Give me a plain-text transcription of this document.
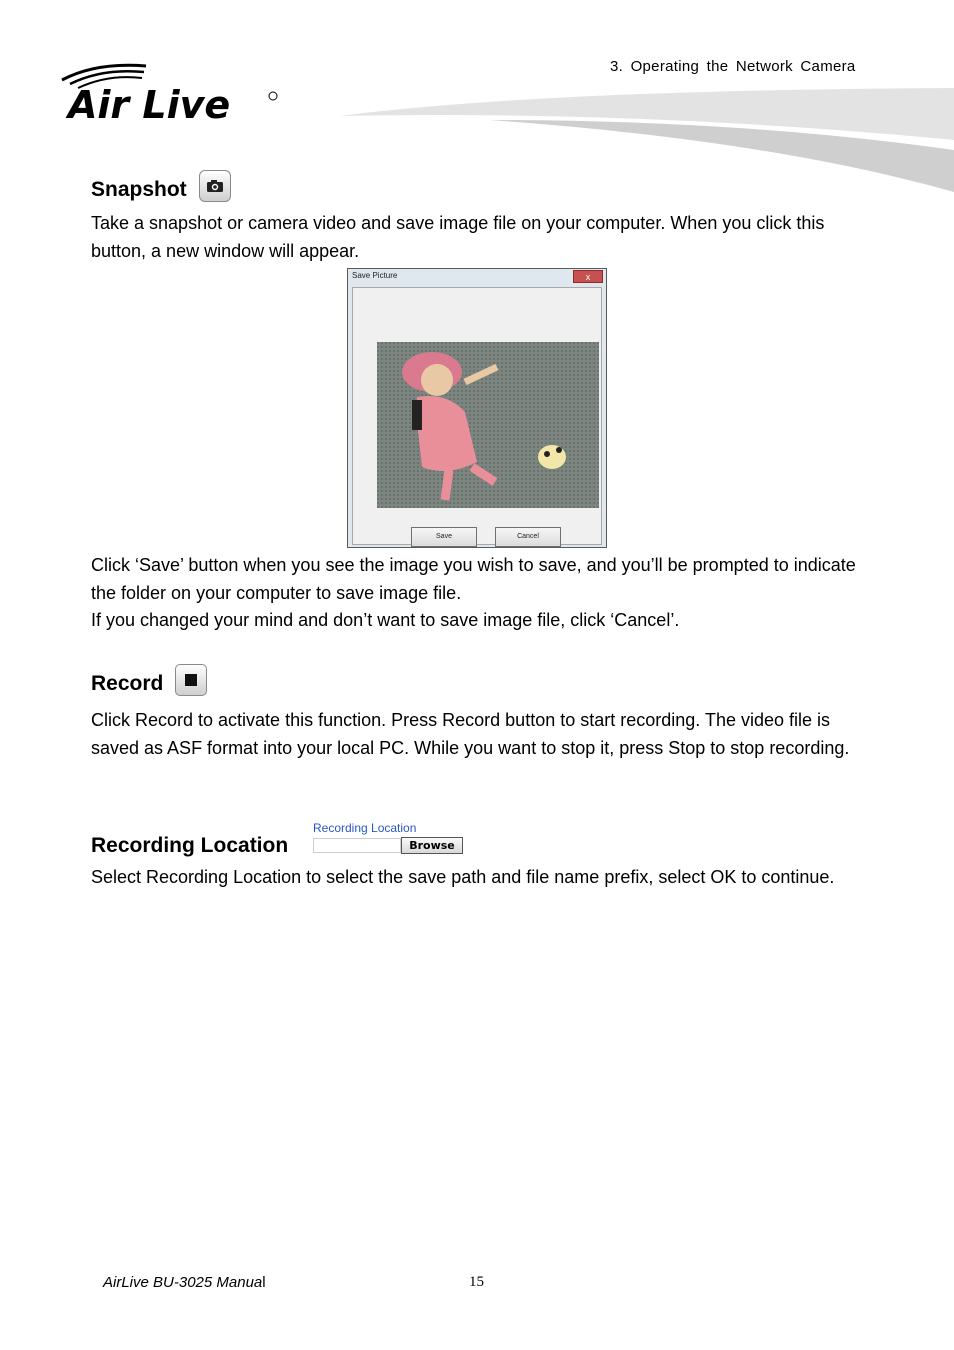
3. Operating the Network Camera
Air Live
Snapshot
Take a snapshot or camera video and save image file on your computer. When you click this button, a new window will appear.
Save Picture	x
Save	Cancel
Click ‘Save’ button when you see the image you wish to save, and you’ll be prompted to indicate the folder on your computer to save image file.
If you changed your mind and don’t want to save image file, click ‘Cancel’.
Record
Click Record to activate this function. Press Record button to start recording. The video file is saved as ASF format into your local PC. While you want to stop it, press Stop to stop recording.
Recording Location
Recording Location
Browse
Select Recording Location to select the save path and file name prefix, select OK to continue.
AirLive BU-3025 Manual	15
